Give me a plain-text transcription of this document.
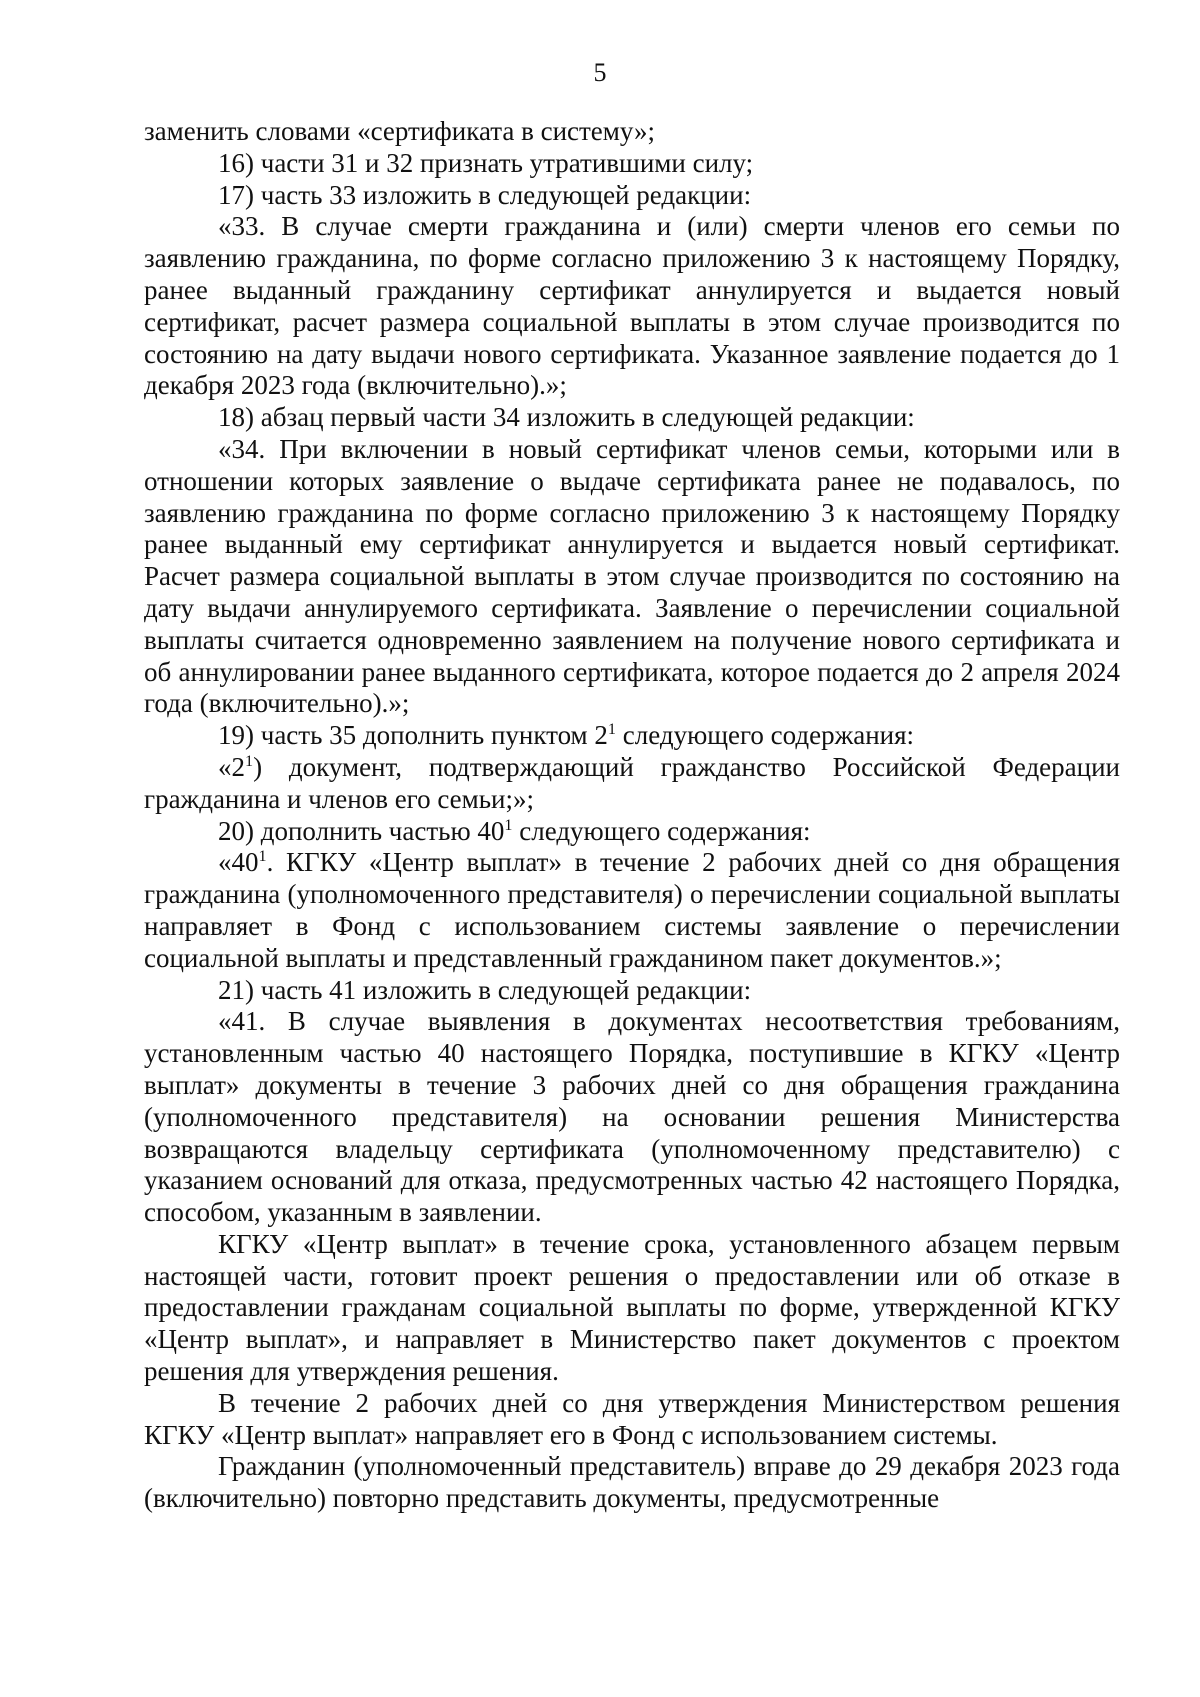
5

заменить словами «сертификата в систему»;

16) части 31 и 32 признать утратившими силу;

17) часть 33 изложить в следующей редакции:

«33. В случае смерти гражданина и (или) смерти членов его семьи по заявлению гражданина, по форме согласно приложению 3 к настоящему Порядку, ранее выданный гражданину сертификат аннулируется и выдается новый сертификат, расчет размера социальной выплаты в этом случае производится по состоянию на дату выдачи нового сертификата. Указанное заявление подается до 1 декабря 2023 года (включительно).»;

18) абзац первый части 34 изложить в следующей редакции:

«34. При включении в новый сертификат членов семьи, которыми или в отношении которых заявление о выдаче сертификата ранее не подавалось, по заявлению гражданина по форме согласно приложению 3 к настоящему Порядку ранее выданный ему сертификат аннулируется и выдается новый сертификат. Расчет размера социальной выплаты в этом случае производится по состоянию на дату выдачи аннулируемого сертификата. Заявление о перечислении социальной выплаты считается одновременно заявлением на получение нового сертификата и об аннулировании ранее выданного сертификата, которое подается до 2 апреля 2024 года (включительно).»;

19) часть 35 дополнить пунктом $2^1$ следующего содержания:

«$2^1$) документ, подтверждающий гражданство Российской Федерации гражданина и членов его семьи;»;

20) дополнить частью $40^1$ следующего содержания:

«$40^1$. КГКУ «Центр выплат» в течение 2 рабочих дней со дня обращения гражданина (уполномоченного представителя) о перечислении социальной выплаты направляет в Фонд с использованием системы заявление о перечислении социальной выплаты и представленный гражданином пакет документов.»;

21) часть 41 изложить в следующей редакции:

«41. В случае выявления в документах несоответствия требованиям, установленным частью 40 настоящего Порядка, поступившие в КГКУ «Центр выплат» документы в течение 3 рабочих дней со дня обращения гражданина (уполномоченного представителя) на основании решения Министерства возвращаются владельцу сертификата (уполномоченному представителю) с указанием оснований для отказа, предусмотренных частью 42 настоящего Порядка, способом, указанным в заявлении.

КГКУ «Центр выплат» в течение срока, установленного абзацем первым настоящей части, готовит проект решения о предоставлении или об отказе в предоставлении гражданам социальной выплаты по форме, утвержденной КГКУ «Центр выплат», и направляет в Министерство пакет документов с проектом решения для утверждения решения.

В течение 2 рабочих дней со дня утверждения Министерством решения КГКУ «Центр выплат» направляет его в Фонд с использованием системы.

Гражданин (уполномоченный представитель) вправе до 29 декабря 2023 года (включительно) повторно представить документы, предусмотренные
